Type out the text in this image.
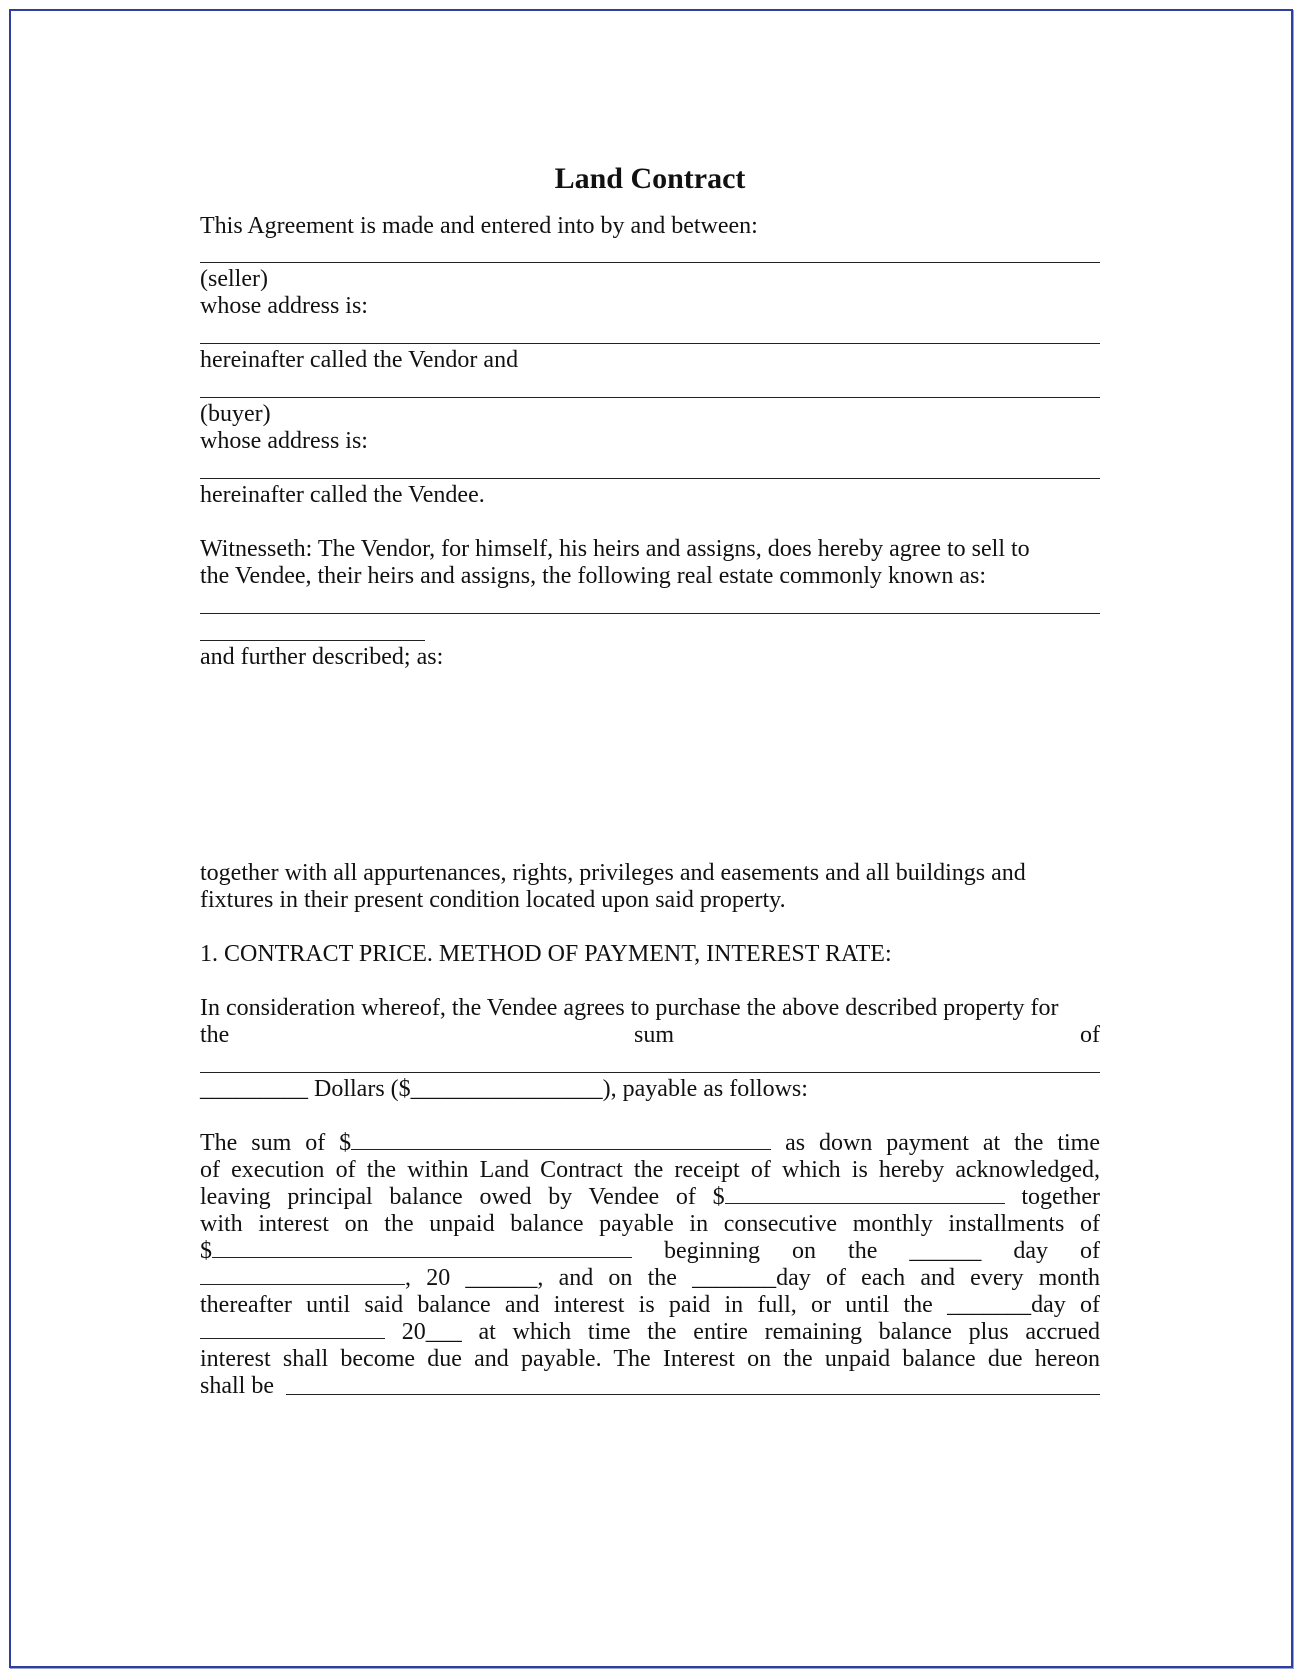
Land Contract
This Agreement is made and entered into by and between:
(seller)
whose address is:
hereinafter called the Vendor and
(buyer)
whose address is:
hereinafter called the Vendee.
Witnesseth: The Vendor, for himself, his heirs and assigns, does hereby agree to sell to
the Vendee, their heirs and assigns, the following real estate commonly known as:
and further described; as:
together with all appurtenances, rights, privileges and easements and all buildings and
fixtures in their present condition located upon said property.
1. CONTRACT PRICE. METHOD OF PAYMENT, INTEREST RATE:
In consideration whereof, the Vendee agrees to purchase the above described property for
the	sum	of
_________ Dollars ($________________), payable as follows:
The sum of $	as down payment at the time
of execution of the within Land Contract the receipt of which is hereby acknowledged,
leaving principal balance owed by Vendee of $	together
with interest on the unpaid balance payable in consecutive monthly installments of
$	beginning on the ______ day of
, 20 ______, and on the _______day of each and every month
thereafter until said balance and interest is paid in full, or until the _______day of
20___ at which time the entire remaining balance plus accrued
interest shall become due and payable. The Interest on the unpaid balance due hereon
shall be
